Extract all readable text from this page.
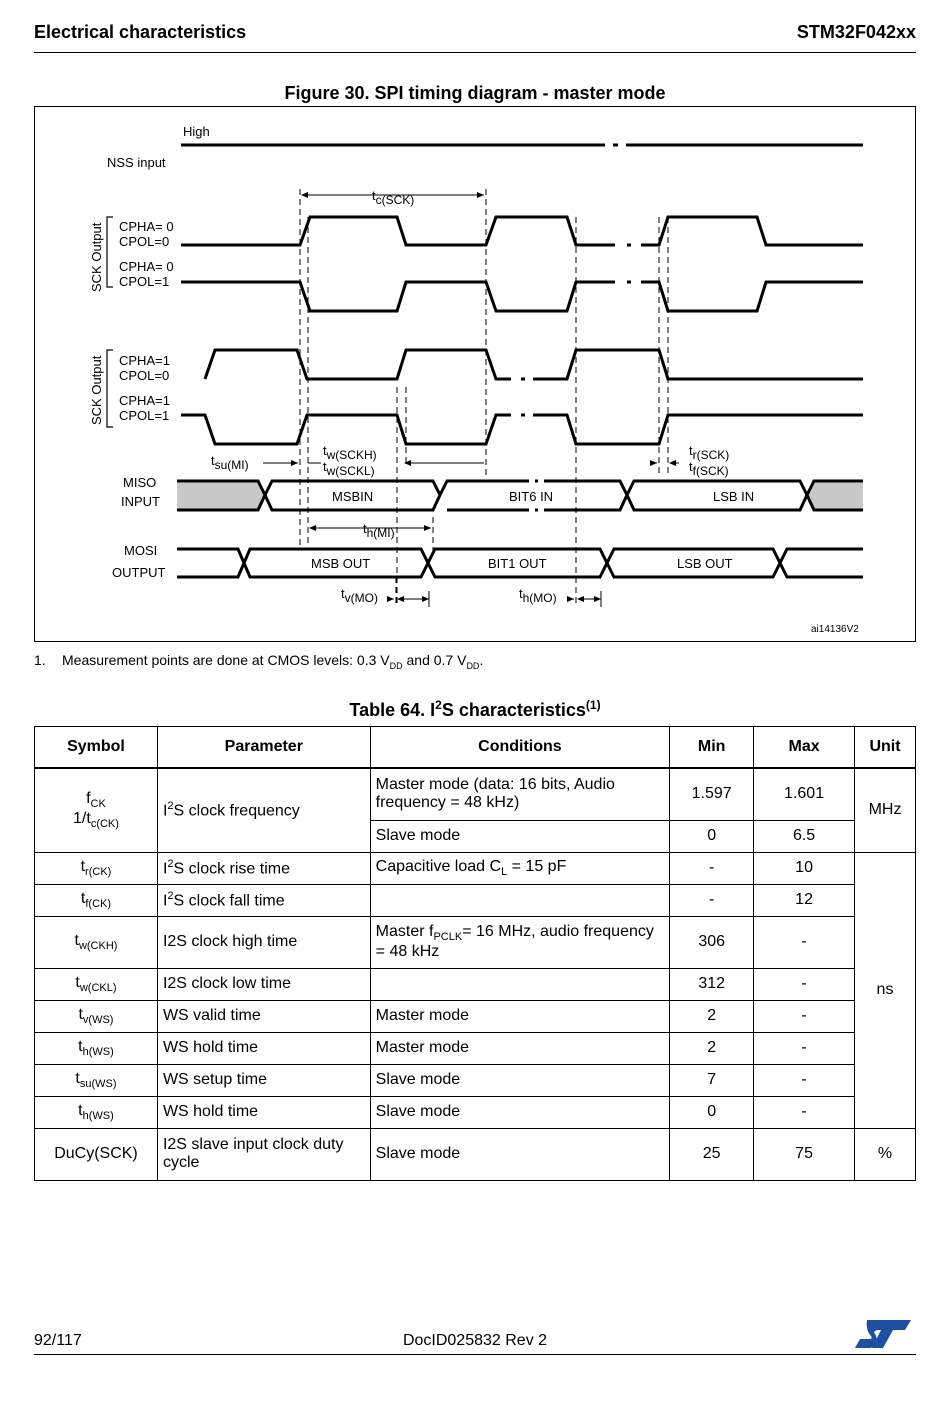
Electrical characteristics	STM32F042xx
Figure 30. SPI timing diagram - master mode
High
NSS input
tc(SCK)
SCK Output CPHA= 0
CPOL=0
CPHA= 0
CPOL=1
SCK Output CPHA=1
CPOL=0
CPHA=1
CPOL=1
tsu(MI)
tw(SCKH)
tw(SCKL)
tr(SCK)
tf(SCK)
MISO
INPUT	MSBIN	BIT6 IN	LSB IN
th(MI)
MOSI
OUTPUT
MSB OUT	BIT1 OUT	LSB OUT
tv(MO)	th(MO)
ai14136V2
1. Measurement points are done at CMOS levels: 0.3 $V_{DD}$ and 0.7 $V_{DD}$.
Table 64. $I^2S$ characteristics$^{(1)}$
Symbol	Parameter	Conditions	Min	Max	Unit
$f_{CK}$
$1/t_{c(CK)}$	$I^2S$ clock frequency	Master mode (data: 16 bits, Audio frequency = 48 kHz)	1.597	1.601	MHz
		Slave mode	0	6.5	
$t_{r(CK)}$	$I^2S$ clock rise time	Capacitive load $C_L = 15$ pF	-	10	ns
$t_{f(CK)}$	$I^2S$ clock fall time		-	12	
$t_{w(CKH)}$	I2S clock high time	Master $f_{PCLK}= 16$ MHz, audio frequency = 48 kHz	306	-	
$t_{w(CKL)}$	I2S clock low time		312	-	
$t_{v(WS)}$	WS valid time	Master mode	2	-	
$t_{h(WS)}$	WS hold time	Master mode	2	-	
$t_{su(WS)}$	WS setup time	Slave mode	7	-	
$t_{h(WS)}$	WS hold time	Slave mode	0	-	
DuCy(SCK)	I2S slave input clock duty cycle	Slave mode	25	75	%
92/117	DocID025832 Rev 2
